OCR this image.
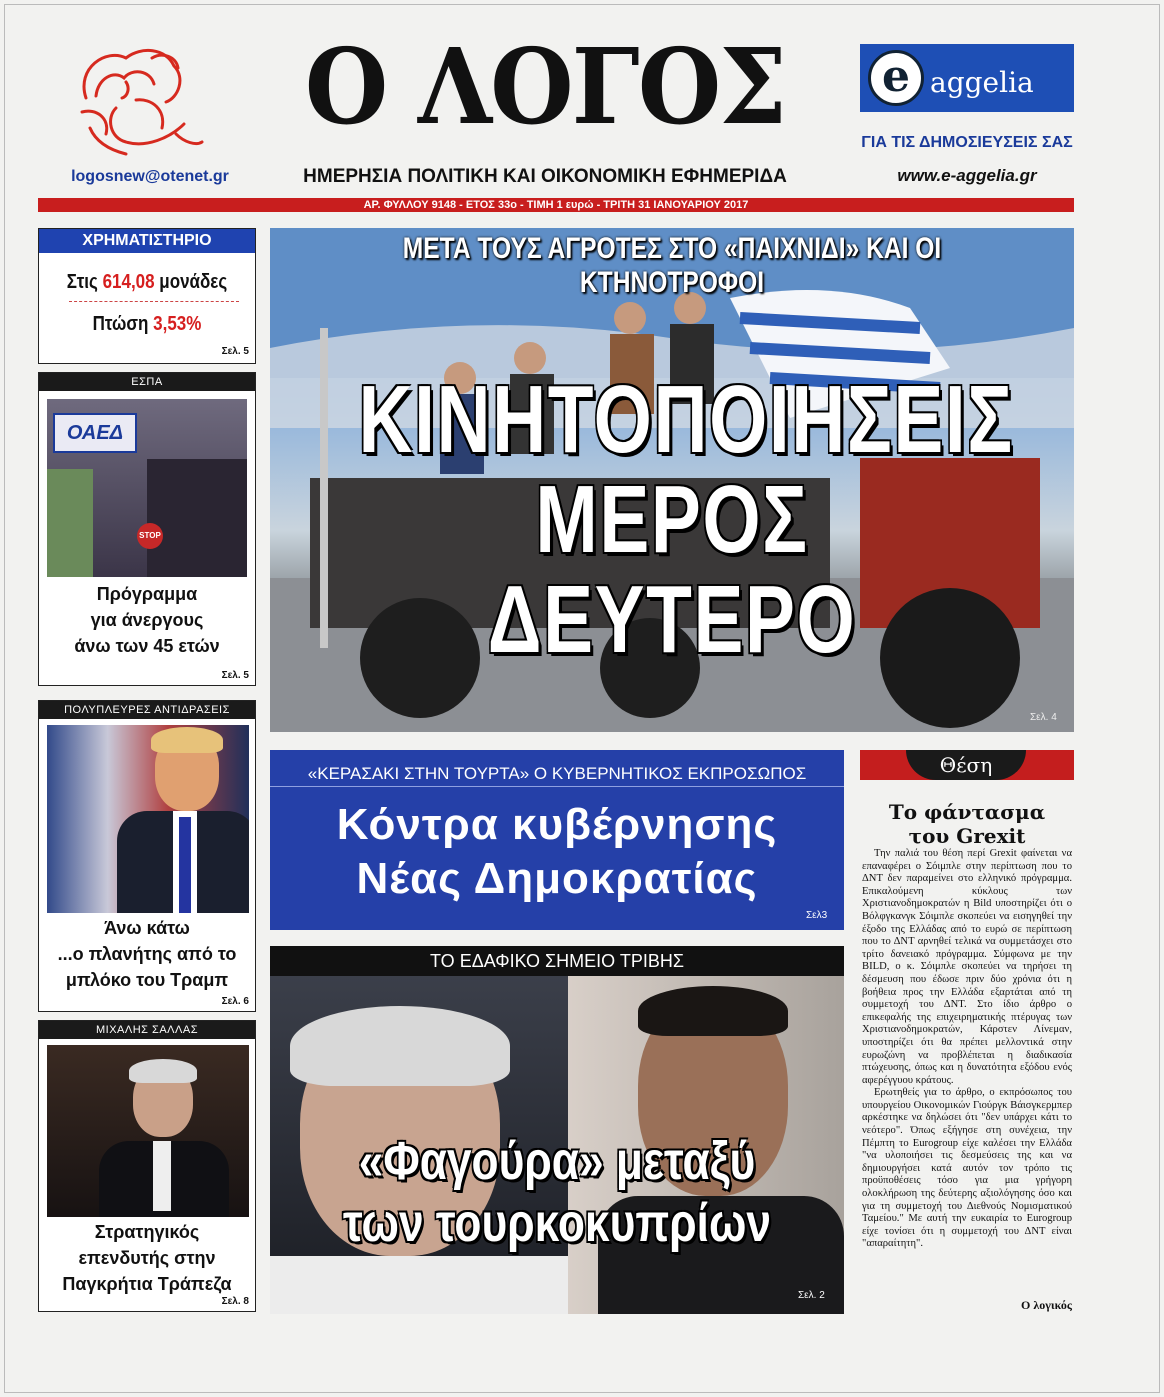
logosnew@otenet.gr
Ο ΛΟΓΟΣ
ΗΜΕΡΗΣΙΑ ΠΟΛΙΤΙΚΗ ΚΑΙ ΟΙΚΟΝΟΜΙΚΗ ΕΦΗΜΕΡΙΔΑ
e aggelia
ΓΙΑ ΤΙΣ ΔΗΜΟΣΙΕΥΣΕΙΣ ΣΑΣ
www.e-aggelia.gr
ΑΡ. ΦΥΛΛΟΥ 9148 - ΕΤΟΣ 33ο - ΤΙΜΗ 1 ευρώ - ΤΡΙΤΗ 31 ΙΑΝΟΥΑΡΙΟΥ 2017
ΧΡΗΜΑΤΙΣΤΗΡΙΟ
Στις 614,08 μονάδες
Πτώση 3,53%
Σελ. 5
ΕΣΠΑ
ΟΑΕΔ
STOP
Πρόγραμμα
για άνεργους
άνω των 45 ετών
Σελ. 5
ΠΟΛΥΠΛΕΥΡΕΣ ΑΝΤΙΔΡΑΣΕΙΣ
Άνω κάτω
...ο πλανήτης από το
μπλόκο του Τραμπ
Σελ. 6
ΜΙΧΑΛΗΣ ΣΑΛΛΑΣ
Στρατηγικός
επενδυτής στην
Παγκρήτια Τράπεζα
Σελ. 8
ΜΕΤΑ ΤΟΥΣ ΑΓΡΟΤΕΣ ΣΤΟ «ΠΑΙΧΝΙΔΙ» ΚΑΙ ΟΙ ΚΤΗΝΟΤΡΟΦΟΙ
ΚΙΝΗΤΟΠΟΙΗΣΕΙΣ
ΜΕΡΟΣ ΔΕΥΤΕΡΟ
Σελ. 4
«ΚΕΡΑΣΑΚΙ ΣΤΗΝ ΤΟΥΡΤΑ» Ο ΚΥΒΕΡΝΗΤΙΚΟΣ ΕΚΠΡΟΣΩΠΟΣ
Κόντρα κυβέρνησης
Νέας Δημοκρατίας
Σελ3
ΤΟ ΕΔΑΦΙΚΟ ΣΗΜΕΙΟ ΤΡΙΒΗΣ
«Φαγούρα» μεταξύ
των τουρκοκυπρίων
Σελ. 2
Θέση
Το φάντασμα
του Grexit

Την παλιά του θέση περί Grexit φαίνεται να επαναφέρει ο Σόιμπλε στην περίπτωση που το ΔΝΤ δεν παραμείνει στο ελληνικό πρόγραμμα. Επικαλούμενη κύκλους των Χριστιανοδημοκρατών η Bild υποστηρίζει ότι ο Βόλφγκανγκ Σόιμπλε σκοπεύει να εισηγηθεί την έξοδο της Ελλάδας από το ευρώ σε περίπτωση που το ΔΝΤ αρνηθεί τελικά να συμμετάσχει στο τρίτο δανειακό πρόγραμμα. Σύμφωνα με την BILD, ο κ. Σόιμπλε σκοπεύει να τηρήσει τη δέσμευση που έδωσε πριν δύο χρόνια ότι η βοήθεια προς την Ελλάδα εξαρτάται από τη συμμετοχή του ΔΝΤ. Στο ίδιο άρθρο ο επικεφαλής της επιχειρηματικής πτέρυγας των Χριστιανοδημοκρατών, Κάρστεν Λίνεμαν, υποστηρίζει ότι θα πρέπει μελλοντικά στην ευρωζώνη να προβλέπεται η διαδικασία πτώχευσης, όπως και η δυνατότητα εξόδου ενός αφερέγγυου κράτους.

Ερωτηθείς για το άρθρο, ο εκπρόσωπος του υπουργείου Οικονομικών Γιούργκ Βάισγκερμπερ αρκέστηκε να δηλώσει ότι "δεν υπάρχει κάτι το νεότερο". Όπως εξήγησε στη συνέχεια, την Πέμπτη το Eurogroup είχε καλέσει την Ελλάδα "να υλοποιήσει τις δεσμεύσεις της και να δημιουργήσει κατά αυτόν τον τρόπο τις προϋποθέσεις τόσο για μια γρήγορη ολοκλήρωση της δεύτερης αξιολόγησης όσο και για τη συμμετοχή του Διεθνούς Νομισματικού Ταμείου." Με αυτή την ευκαιρία το Eurogroup είχε τονίσει ότι η συμμετοχή του ΔΝΤ είναι "απαραίτητη".

Ο λογικός
